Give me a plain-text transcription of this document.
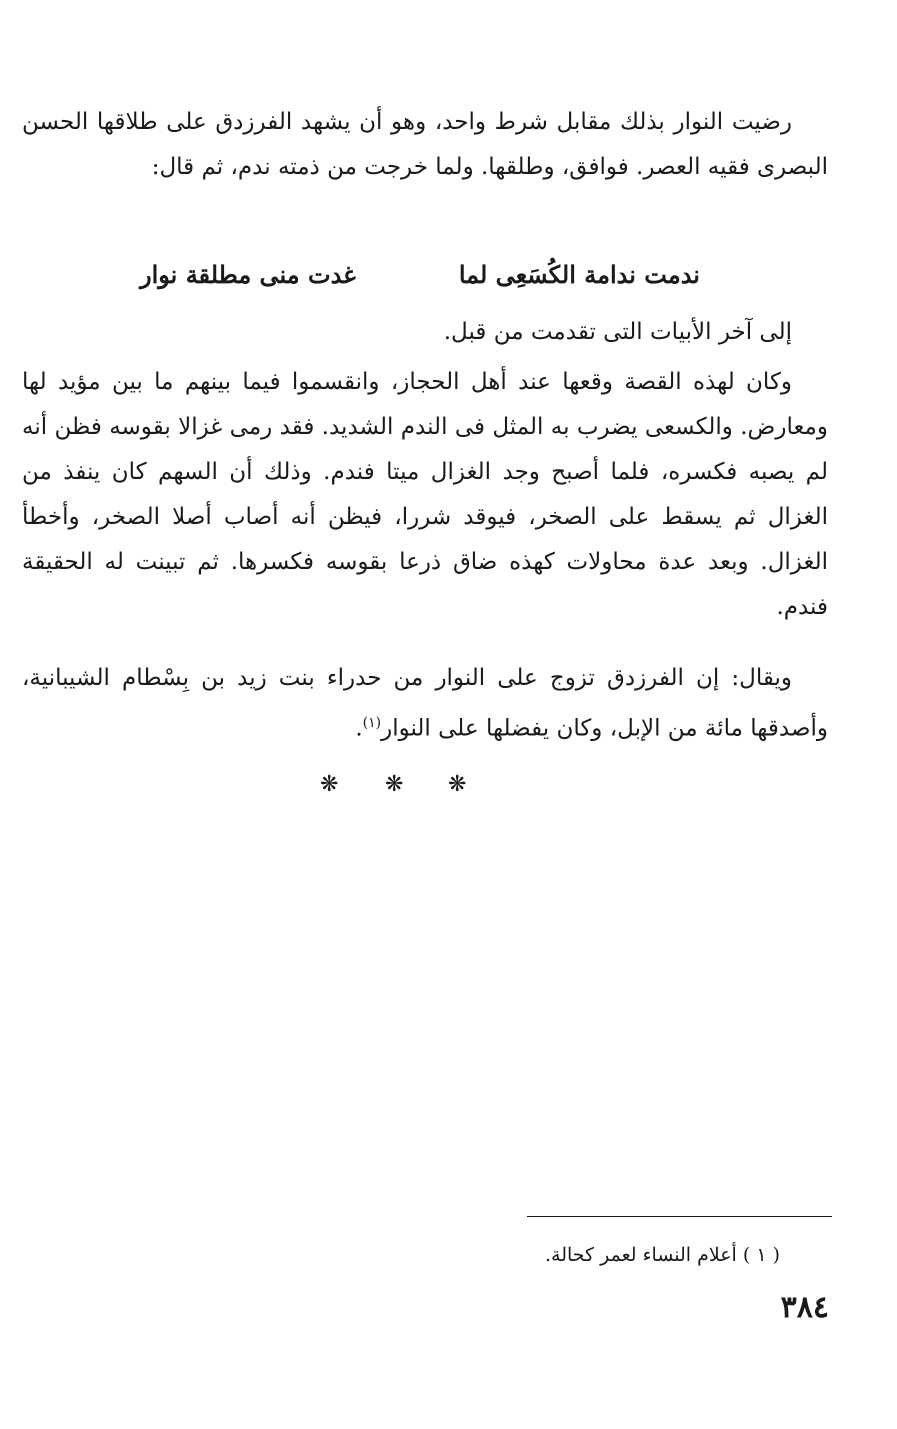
رضيت النوار بذلك مقابل شرط واحد، وهو أن يشهد الفرزدق على طلاقها الحسن البصرى فقيه العصر. فوافق، وطلقها. ولما خرجت من ذمته ندم، ثم قال:

ندمت ندامة الكُسَعِى لما
غدت منى مطلقة نوار

إلى آخر الأبيات التى تقدمت من قبل.

وكان لهذه القصة وقعها عند أهل الحجاز، وانقسموا فيما بينهم ما بين مؤيد لها ومعارض. والكسعى يضرب به المثل فى الندم الشديد. فقد رمى غزالا بقوسه فظن أنه لم يصبه فكسره، فلما أصبح وجد الغزال ميتا فندم. وذلك أن السهم كان ينفذ من الغزال ثم يسقط على الصخر، فيوقد شررا، فيظن أنه أصاب أصلا الصخر، وأخطأ الغزال. وبعد عدة محاولات كهذه ضاق ذرعا بقوسه فكسرها. ثم تبينت له الحقيقة فندم.

ويقال: إن الفرزدق تزوج على النوار من حدراء بنت زيد بن بِسْطام الشيبانية، وأصدقها مائة من الإبل، وكان يفضلها على النوار$^{(١)}$.

❋ ❋ ❋

( ١ ) أعلام النساء لعمر كحالة.

٣٨٤
